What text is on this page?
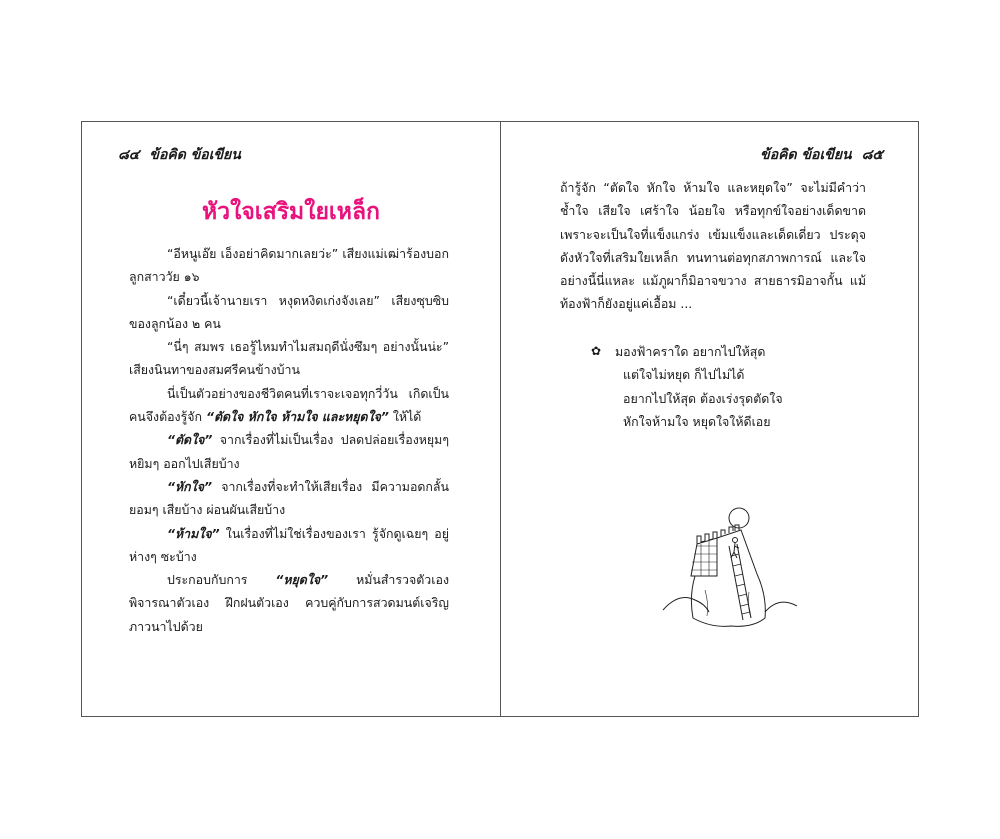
๘๔ ข้อคิด ข้อเขียน
หัวใจเสริมใยเหล็ก

“อีหนูเอ๊ย เอ็งอย่าคิดมากเลยว่ะ” เสียงแม่เฒ่าร้องบอกลูกสาววัย ๑๖

“เดี๋ยวนี้เจ้านายเรา หงุดหงิดเก่งจังเลย” เสียงซุบซิบของลูกน้อง ๒ คน

“นี่ๆ สมพร เธอรู้ไหมทำไมสมฤดีนั่งซึมๆ อย่างนั้นน่ะ” เสียงนินทาของสมศรีคนข้างบ้าน

นี่เป็นตัวอย่างของชีวิตคนที่เราจะเจอทุกวี่วัน เกิดเป็นคนจึงต้องรู้จัก “ตัดใจ หักใจ ห้ามใจ และหยุดใจ” ให้ได้

“ตัดใจ” จากเรื่องที่ไม่เป็นเรื่อง ปลดปล่อยเรื่องหยุมๆ หยิมๆ ออกไปเสียบ้าง

“หักใจ” จากเรื่องที่จะทำให้เสียเรื่อง มีความอดกลั้นยอมๆ เสียบ้าง ผ่อนผันเสียบ้าง

“ห้ามใจ” ในเรื่องที่ไม่ใช่เรื่องของเรา รู้จักดูเฉยๆ อยู่ห่างๆ ซะบ้าง

ประกอบกับการ “หยุดใจ” หมั่นสำรวจตัวเอง พิจารณาตัวเอง ฝึกฝนตัวเอง ควบคู่กับการสวดมนต์เจริญภาวนาไปด้วย

ข้อคิด ข้อเขียน ๘๕

ถ้ารู้จัก “ตัดใจ หักใจ ห้ามใจ และหยุดใจ” จะไม่มีคำว่าช้ำใจ เสียใจ เศร้าใจ น้อยใจ หรือทุกข์ใจอย่างเด็ดขาด เพราะจะเป็นใจที่แข็งแกร่ง เข้มแข็งและเด็ดเดี่ยว ประดุจดังหัวใจที่เสริมใยเหล็ก ทนทานต่อทุกสภาพการณ์ และใจอย่างนี้นี่แหละ แม้ภูผาก็มิอาจขวาง สายธารมิอาจกั้น แม้ท้องฟ้าก็ยังอยู่แค่เอื้อม ...

✿ มองฟ้าคราใด อยากไปให้สุด
แต่ใจไม่หยุด ก็ไปไม่ได้
อยากไปให้สุด ต้องเร่งรุดตัดใจ
หักใจห้ามใจ หยุดใจให้ดีเอย
